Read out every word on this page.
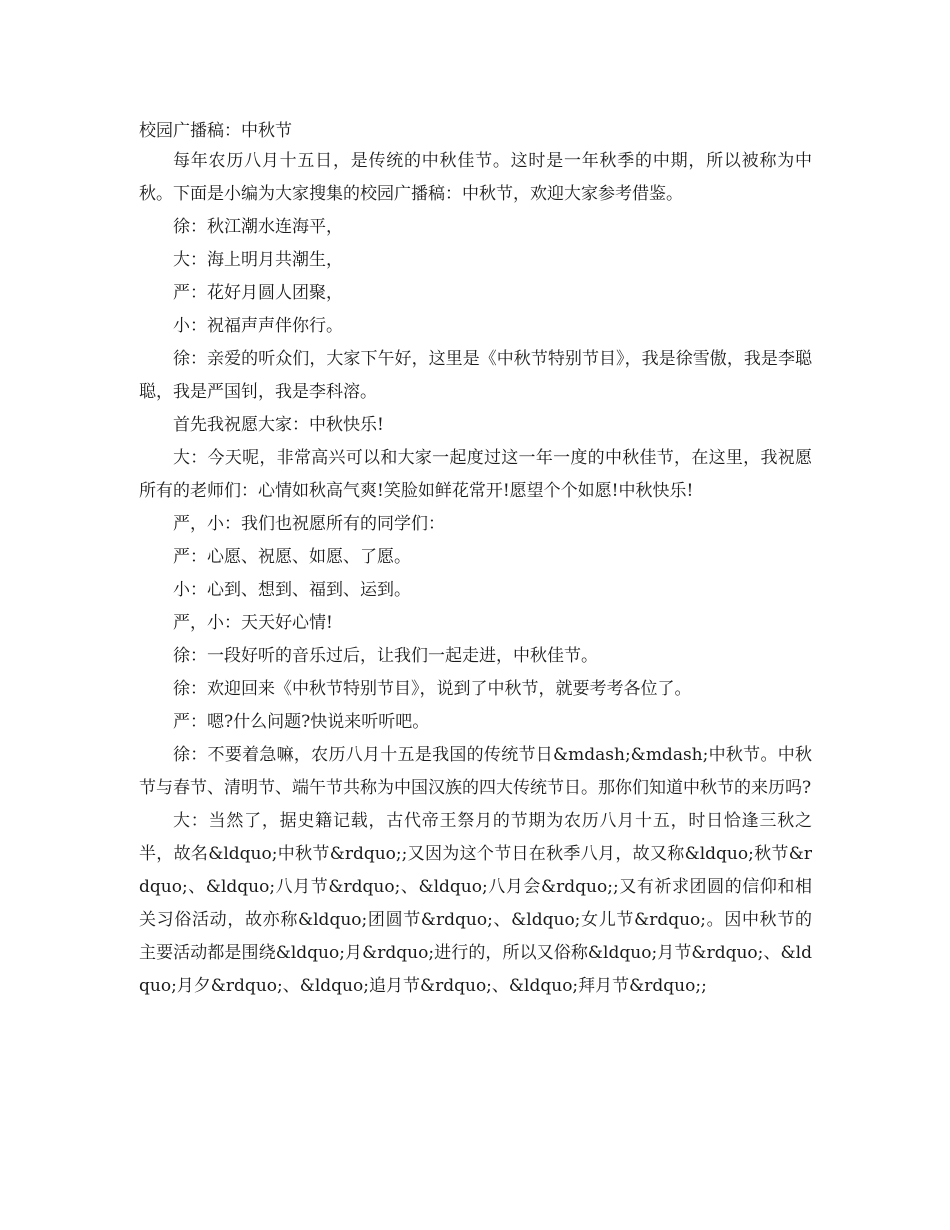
校园广播稿：中秋节

每年农历八月十五日，是传统的中秋佳节。这时是一年秋季的中期，所以被称为中秋。下面是小编为大家搜集的校园广播稿：中秋节，欢迎大家参考借鉴。

徐：秋江潮水连海平，

大：海上明月共潮生，

严：花好月圆人团聚，

小：祝福声声伴你行。

徐：亲爱的听众们，大家下午好，这里是《中秋节特别节目》，我是徐雪傲，我是李聪聪，我是严国钊，我是李科溶。

首先我祝愿大家：中秋快乐!

大：今天呢，非常高兴可以和大家一起度过这一年一度的中秋佳节，在这里，我祝愿所有的老师们：心情如秋高气爽!笑脸如鲜花常开!愿望个个如愿!中秋快乐!

严，小：我们也祝愿所有的同学们：

严：心愿、祝愿、如愿、了愿。

小：心到、想到、福到、运到。

严，小：天天好心情!

徐：一段好听的音乐过后，让我们一起走进，中秋佳节。

徐：欢迎回来《中秋节特别节目》，说到了中秋节，就要考考各位了。

严：嗯?什么问题?快说来听听吧。

徐：不要着急嘛，农历八月十五是我国的传统节日&mdash;&mdash;中秋节。中秋节与春节、清明节、端午节共称为中国汉族的四大传统节日。那你们知道中秋节的来历吗?

大：当然了，据史籍记载，古代帝王祭月的节期为农历八月十五，时日恰逢三秋之半，故名&ldquo;中秋节&rdquo;;又因为这个节日在秋季八月，故又称&ldquo;秋节&rdquo;、&ldquo;八月节&rdquo;、&ldquo;八月会&rdquo;;又有祈求团圆的信仰和相关习俗活动，故亦称&ldquo;团圆节&rdquo;、&ldquo;女儿节&rdquo;。因中秋节的主要活动都是围绕&ldquo;月&rdquo;进行的，所以又俗称&ldquo;月节&rdquo;、&ldquo;月夕&rdquo;、&ldquo;追月节&rdquo;、&ldquo;拜月节&rdquo;;
